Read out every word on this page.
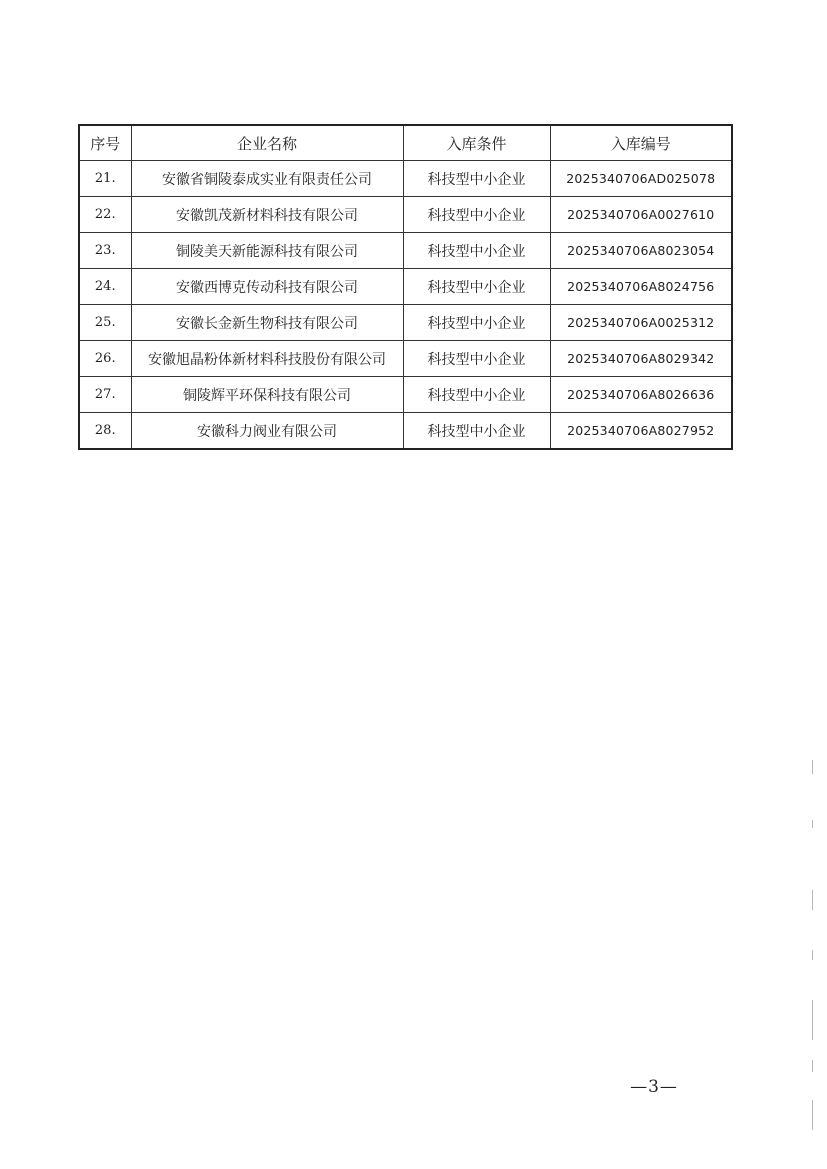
序号	企业名称	入库条件	入库编号
21.	安徽省铜陵泰成实业有限责任公司	科技型中小企业	2025340706AD025078
22.	安徽凯茂新材料科技有限公司	科技型中小企业	2025340706A0027610
23.	铜陵美天新能源科技有限公司	科技型中小企业	2025340706A8023054
24.	安徽西博克传动科技有限公司	科技型中小企业	2025340706A8024756
25.	安徽长金新生物科技有限公司	科技型中小企业	2025340706A0025312
26.	安徽旭晶粉体新材料科技股份有限公司	科技型中小企业	2025340706A8029342
27.	铜陵辉平环保科技有限公司	科技型中小企业	2025340706A8026636
28.	安徽科力阀业有限公司	科技型中小企业	2025340706A8027952
—3—
